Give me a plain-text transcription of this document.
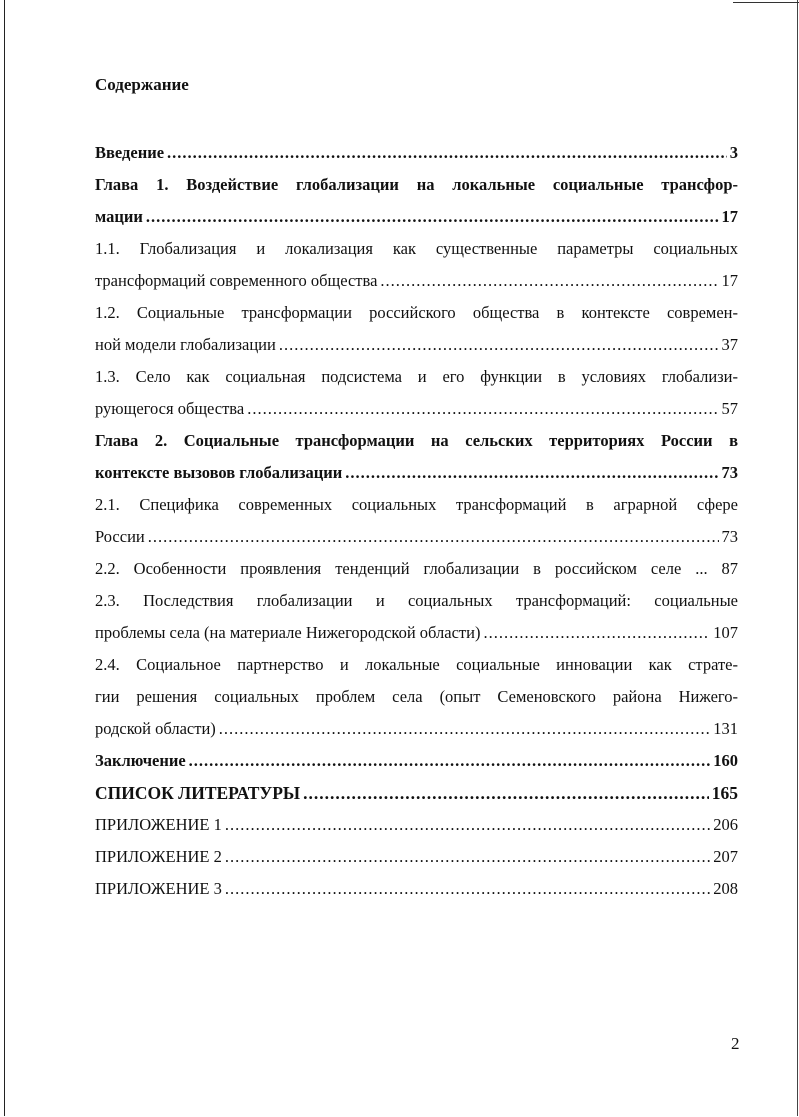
Содержание
Введение .....	3
Глава 1. Воздействие глобализации на локальные социальные трансфор-
мации .....	17
1.1. Глобализация и локализация как существенные параметры социальных
трансформаций современного общества .....	17
1.2. Социальные трансформации российского общества в контексте современ-
ной модели глобализации .....	37
1.3. Село как социальная подсистема и его функции в условиях глобализи-
рующегося общества .....	57
Глава 2. Социальные трансформации на сельских территориях России в
контексте вызовов глобализации .....	73
2.1. Специфика современных социальных трансформаций в аграрной сфере
России .....	73
2.2. Особенности проявления тенденций глобализации в российском селе ... 87
2.3. Последствия глобализации и социальных трансформаций: социальные
проблемы села (на материале Нижегородской области) .....	107
2.4. Социальное партнерство и локальные социальные инновации как страте-
гии решения социальных проблем села (опыт Семеновского района Нижего-
родской области) .....	131
Заключение .....	160
СПИСОК ЛИТЕРАТУРЫ .....	165
ПРИЛОЖЕНИЕ 1 .....	206
ПРИЛОЖЕНИЕ 2 .....	207
ПРИЛОЖЕНИЕ 3 .....	208
2
